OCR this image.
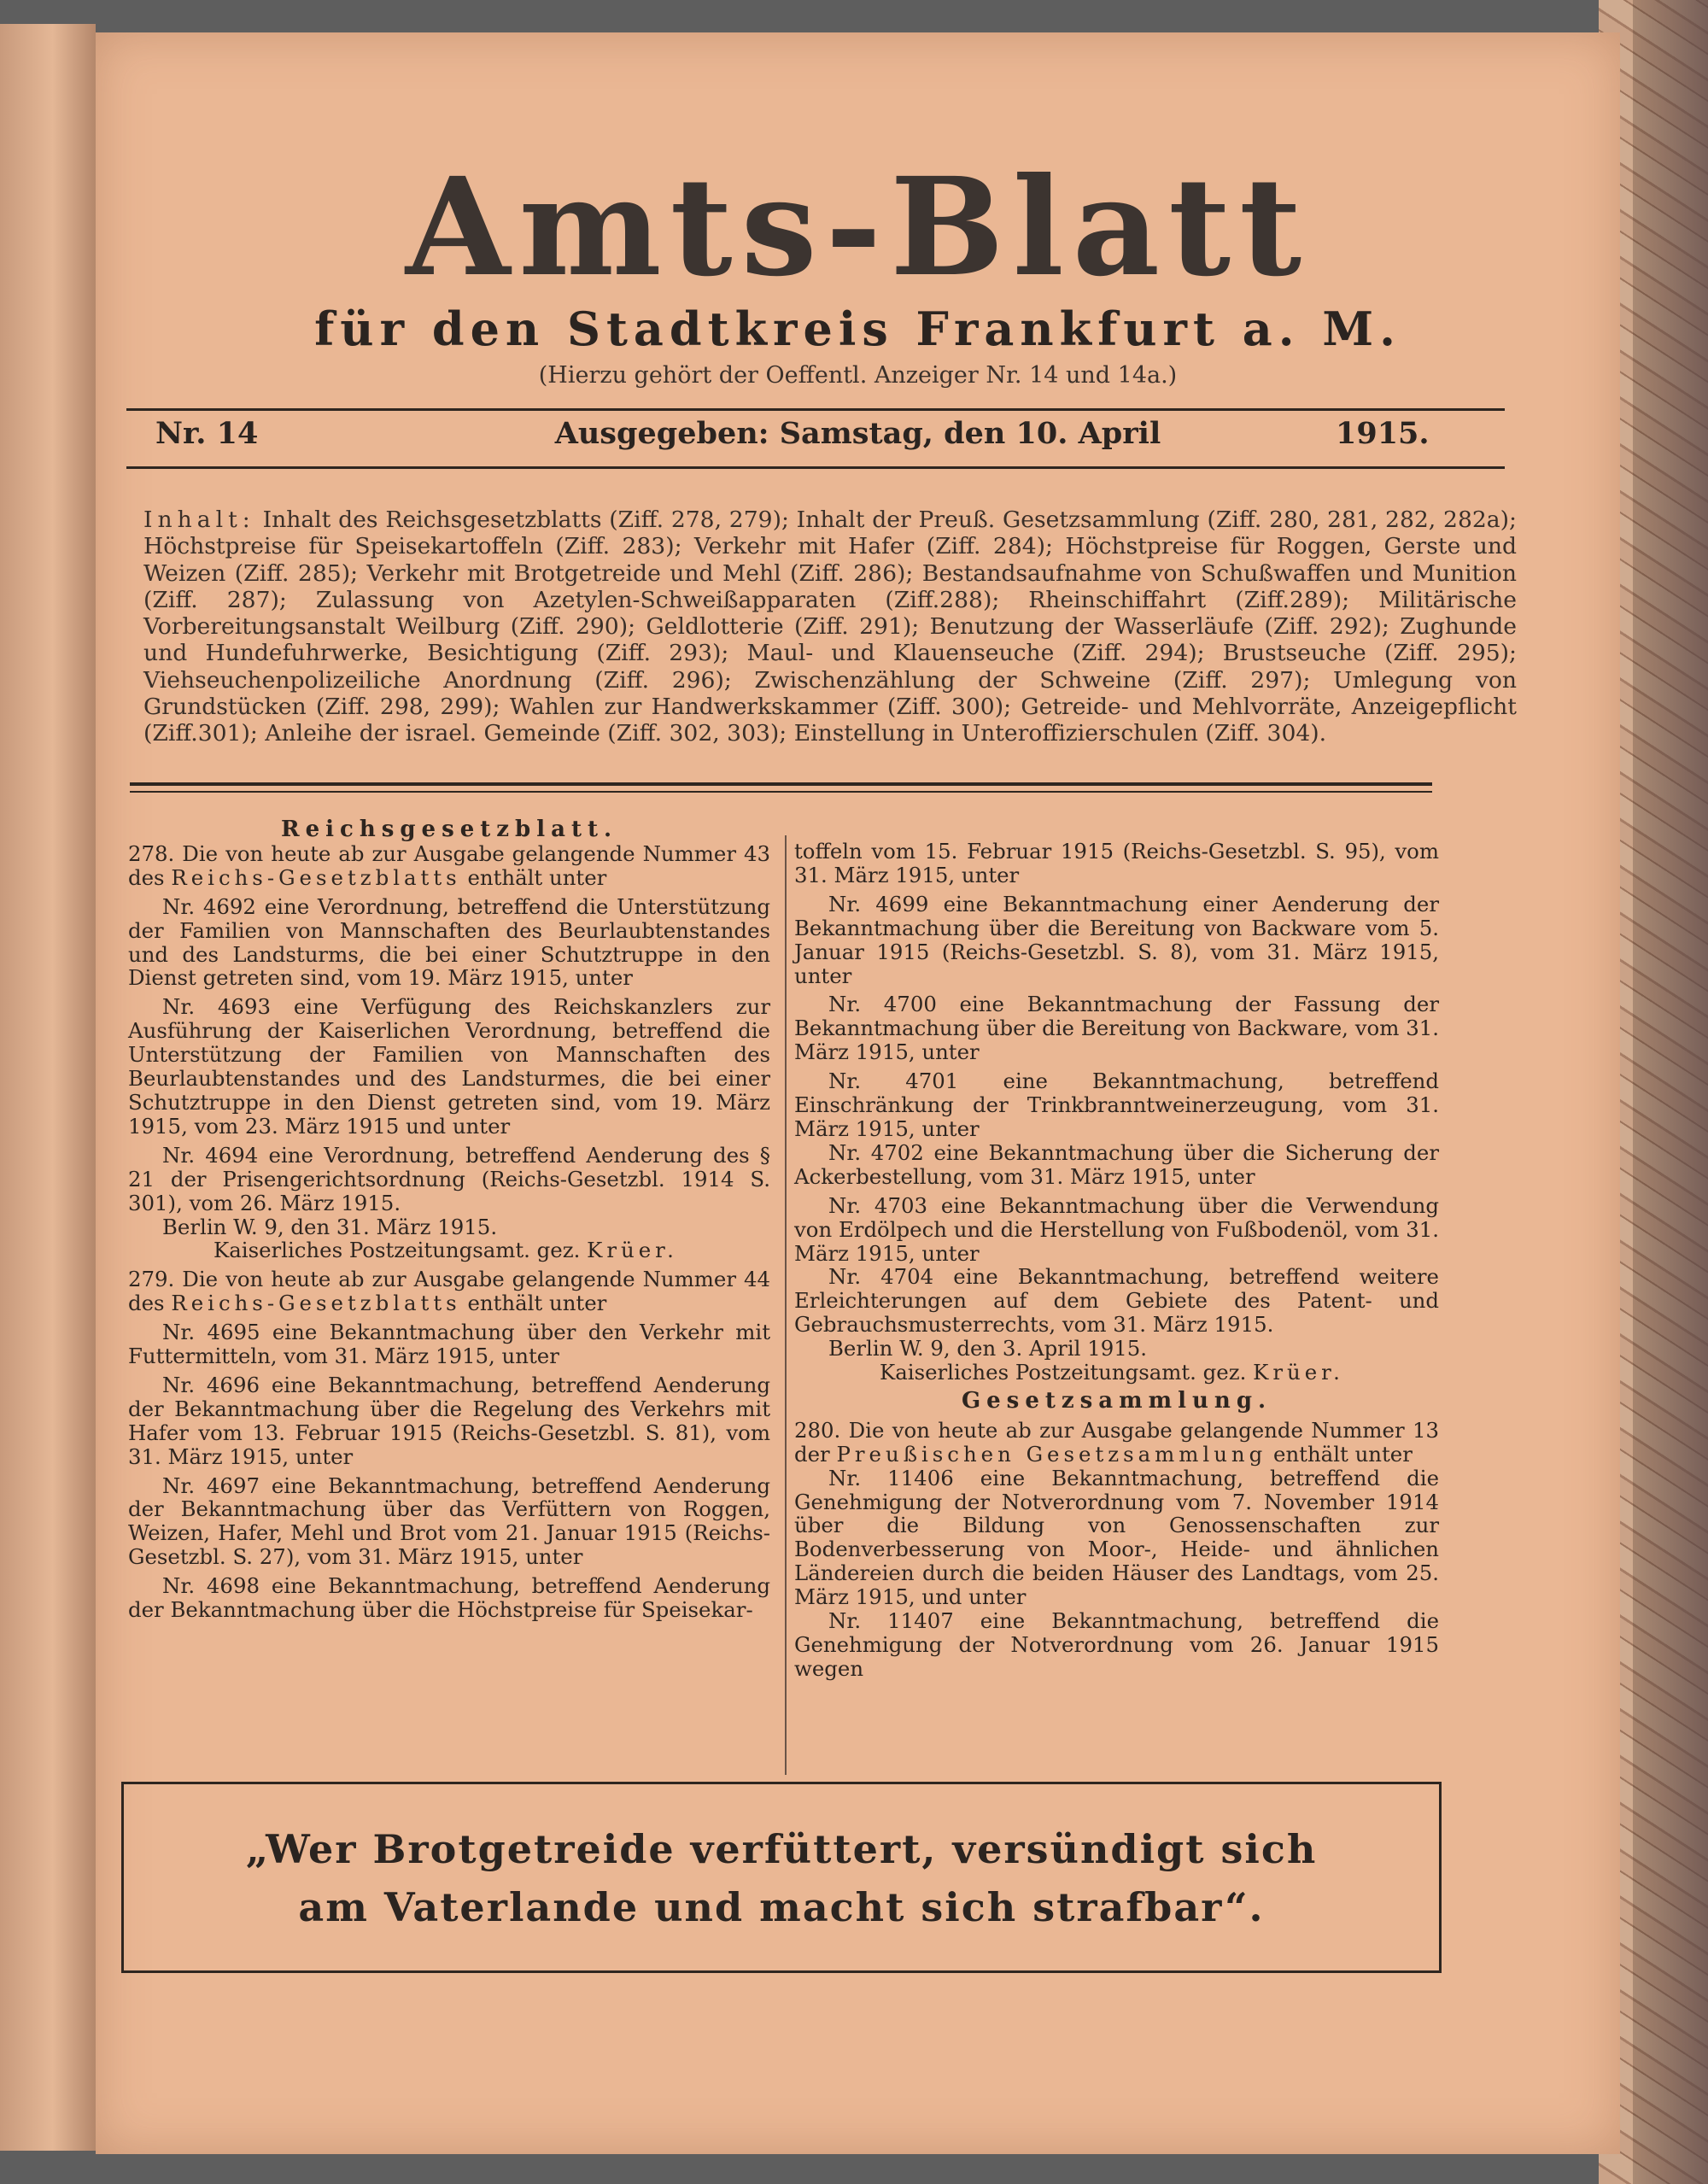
Amts-Blatt
für den Stadtkreis Frankfurt a. M.
(Hierzu gehört der Oeffentl. Anzeiger Nr. 14 und 14a.)
Nr. 14	Ausgegeben: Samstag, den 10. April	1915.
Inhalt: Inhalt des Reichsgesetzblatts (Ziff. 278, 279); Inhalt der Preuß. Gesetzsammlung (Ziff. 280, 281, 282, 282a); Höchstpreise für Speisekartoffeln (Ziff. 283); Verkehr mit Hafer (Ziff. 284); Höchstpreise für Roggen, Gerste und Weizen (Ziff. 285); Verkehr mit Brotgetreide und Mehl (Ziff. 286); Bestandsaufnahme von Schußwaffen und Munition (Ziff. 287); Zulassung von Azetylen-Schweißapparaten (Ziff.288); Rheinschiffahrt (Ziff.289); Militärische Vorbereitungsanstalt Weilburg (Ziff. 290); Geldlotterie (Ziff. 291); Benutzung der Wasserläufe (Ziff. 292); Zughunde und Hundefuhrwerke, Besichtigung (Ziff. 293); Maul- und Klauenseuche (Ziff. 294); Brustseuche (Ziff. 295); Viehseuchenpolizeiliche Anordnung (Ziff. 296); Zwischenzählung der Schweine (Ziff. 297); Umlegung von Grundstücken (Ziff. 298, 299); Wahlen zur Handwerkskammer (Ziff. 300); Getreide- und Mehlvorräte, Anzeigepflicht (Ziff.301); Anleihe der israel. Gemeinde (Ziff. 302, 303); Einstellung in Unteroffizierschulen (Ziff. 304).

Reichsgesetzblatt.

278. Die von heute ab zur Ausgabe gelangende Nummer 43 des Reichs-Gesetzblatts enthält unter

Nr. 4692 eine Verordnung, betreffend die Unterstützung der Familien von Mannschaften des Beurlaubtenstandes und des Landsturms, die bei einer Schutztruppe in den Dienst getreten sind, vom 19. März 1915, unter

Nr. 4693 eine Verfügung des Reichskanzlers zur Ausführung der Kaiserlichen Verordnung, betreffend die Unterstützung der Familien von Mannschaften des Beurlaubtenstandes und des Landsturmes, die bei einer Schutztruppe in den Dienst getreten sind, vom 19. März 1915, vom 23. März 1915 und unter

Nr. 4694 eine Verordnung, betreffend Aenderung des § 21 der Prisengerichtsordnung (Reichs-Gesetzbl. 1914 S. 301), vom 26. März 1915.

Berlin W. 9, den 31. März 1915.

Kaiserliches Postzeitungsamt. gez. Krüer.

279. Die von heute ab zur Ausgabe gelangende Nummer 44 des Reichs-Gesetzblatts enthält unter

Nr. 4695 eine Bekanntmachung über den Verkehr mit Futtermitteln, vom 31. März 1915, unter

Nr. 4696 eine Bekanntmachung, betreffend Aenderung der Bekanntmachung über die Regelung des Verkehrs mit Hafer vom 13. Februar 1915 (Reichs-Gesetzbl. S. 81), vom 31. März 1915, unter

Nr. 4697 eine Bekanntmachung, betreffend Aenderung der Bekanntmachung über das Verfüttern von Roggen, Weizen, Hafer, Mehl und Brot vom 21. Januar 1915 (Reichs-Gesetzbl. S. 27), vom 31. März 1915, unter

Nr. 4698 eine Bekanntmachung, betreffend Aenderung der Bekanntmachung über die Höchstpreise für Speisekar-

toffeln vom 15. Februar 1915 (Reichs-Gesetzbl. S. 95), vom 31. März 1915, unter

Nr. 4699 eine Bekanntmachung einer Aenderung der Bekanntmachung über die Bereitung von Backware vom 5. Januar 1915 (Reichs-Gesetzbl. S. 8), vom 31. März 1915, unter

Nr. 4700 eine Bekanntmachung der Fassung der Bekanntmachung über die Bereitung von Backware, vom 31. März 1915, unter

Nr. 4701 eine Bekanntmachung, betreffend Einschränkung der Trinkbranntweinerzeugung, vom 31. März 1915, unter

Nr. 4702 eine Bekanntmachung über die Sicherung der Ackerbestellung, vom 31. März 1915, unter

Nr. 4703 eine Bekanntmachung über die Verwendung von Erdölpech und die Herstellung von Fußbodenöl, vom 31. März 1915, unter

Nr. 4704 eine Bekanntmachung, betreffend weitere Erleichterungen auf dem Gebiete des Patent- und Gebrauchsmusterrechts, vom 31. März 1915.

Berlin W. 9, den 3. April 1915.

Kaiserliches Postzeitungsamt. gez. Krüer.

Gesetzsammlung.

280. Die von heute ab zur Ausgabe gelangende Nummer 13 der Preußischen Gesetzsammlung enthält unter

Nr. 11406 eine Bekanntmachung, betreffend die Genehmigung der Notverordnung vom 7. November 1914 über die Bildung von Genossenschaften zur Bodenverbesserung von Moor-, Heide- und ähnlichen Ländereien durch die beiden Häuser des Landtags, vom 25. März 1915, und unter

Nr. 11407 eine Bekanntmachung, betreffend die Genehmigung der Notverordnung vom 26. Januar 1915 wegen

„Wer Brotgetreide verfüttert, versündigt sich
am Vaterlande und macht sich strafbar“.
